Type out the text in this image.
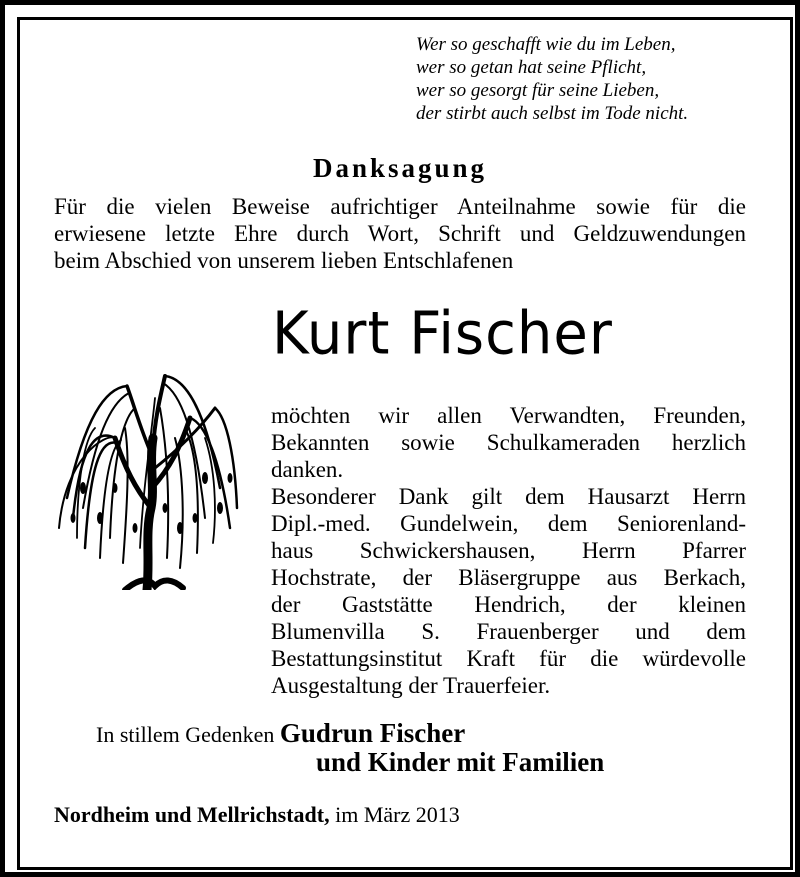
Wer so geschafft wie du im Leben,
wer so getan hat seine Pflicht,
wer so gesorgt für seine Lieben,
der stirbt auch selbst im Tode nicht.
Danksagung
Für die vielen Beweise aufrichtiger Anteilnahme sowie für die
erwiesene letzte Ehre durch Wort, Schrift und Geldzuwendungen
beim Abschied von unserem lieben Entschlafenen
Kurt Fischer
möchten wir allen Verwandten, Freunden,
Bekannten sowie Schulkameraden herzlich
danken.
Besonderer Dank gilt dem Hausarzt Herrn
Dipl.-med. Gundelwein, dem Seniorenland-
haus Schwickershausen, Herrn Pfarrer
Hochstrate, der Bläsergruppe aus Berkach,
der Gaststätte Hendrich, der kleinen
Blumenvilla S. Frauenberger und dem
Bestattungsinstitut Kraft für die würdevolle
Ausgestaltung der Trauerfeier.
In stillem Gedenken Gudrun Fischer
und Kinder mit Familien
Nordheim und Mellrichstadt, im März 2013
